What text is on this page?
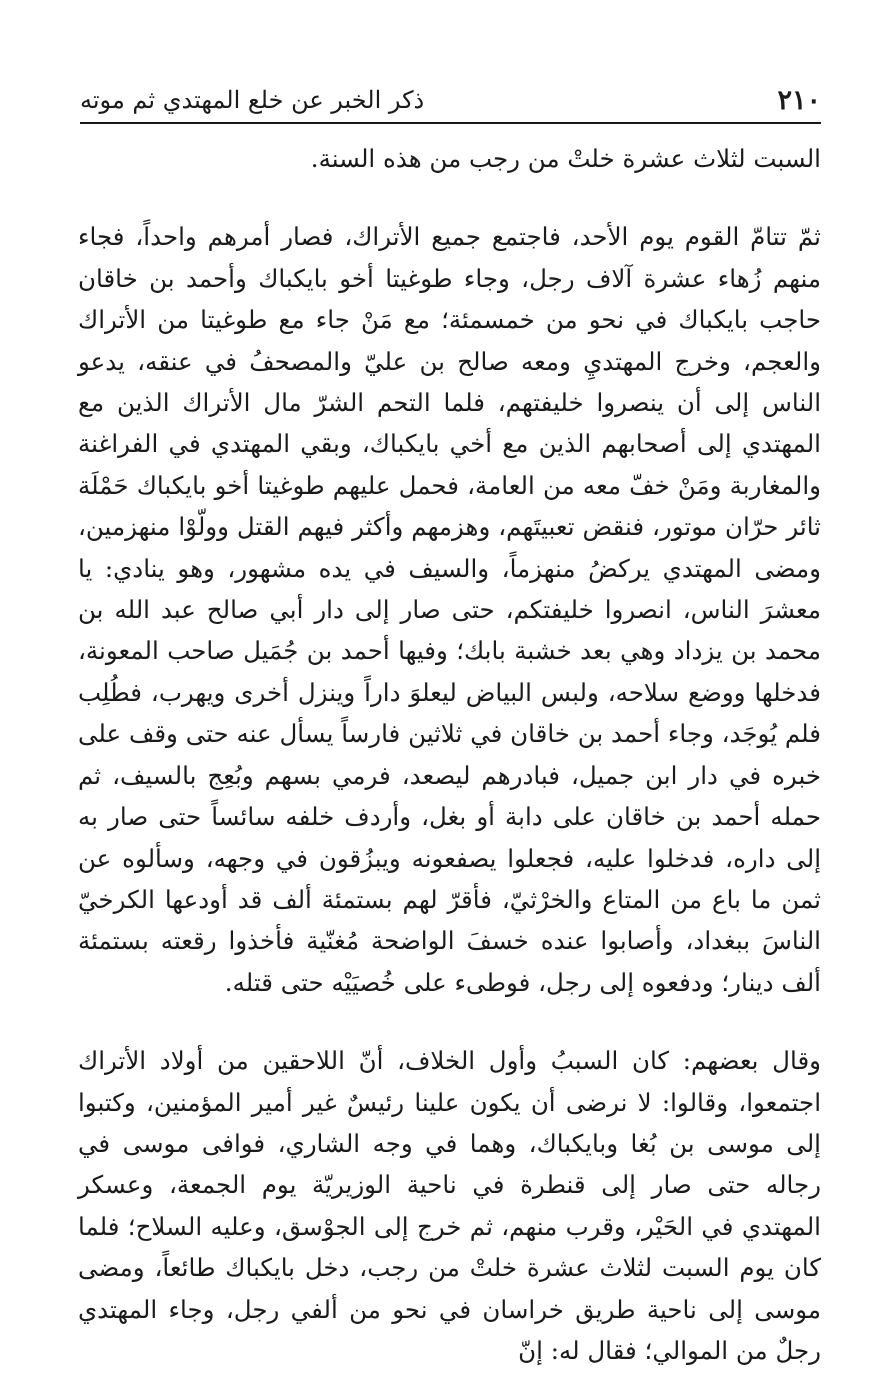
٢١٠
ذكر الخبر عن خلع المهتدي ثم موته

السبت لثلاث عشرة خلتْ من رجب من هذه السنة.

ثمّ تتامّ القوم يوم الأحد، فاجتمع جميع الأتراك، فصار أمرهم واحداً، فجاء منهم زُهاء عشرة آلاف رجل، وجاء طوغيتا أخو بايكباك وأحمد بن خاقان حاجب بايكباك في نحو من خمسمئة؛ مع مَنْ جاء مع طوغيتا من الأتراك والعجم، وخرج المهتديِ ومعه صالح بن عليّ والمصحفُ في عنقه، يدعو الناس إلى أن ينصروا خليفتهم، فلما التحم الشرّ مال الأتراك الذين مع المهتدي إلى أصحابهم الذين مع أخي بايكباك، وبقي المهتدي في الفراغنة والمغاربة ومَنْ خفّ معه من العامة، فحمل عليهم طوغيتا أخو بايكباك حَمْلَة ثائر حرّان موتور، فنقض تعبيتَهم، وهزمهم وأكثر فيهم القتل وولّوْا منهزمين، ومضى المهتدي يركضُ منهزماً، والسيف في يده مشهور، وهو ينادي: يا معشرَ الناس، انصروا خليفتكم، حتى صار إلى دار أبي صالح عبد الله بن محمد بن يزداد وهي بعد خشبة بابك؛ وفيها أحمد بن جُمَيل صاحب المعونة، فدخلها ووضع سلاحه، ولبس البياض ليعلوَ داراً وينزل أخرى ويهرب، فطُلِب فلم يُوجَد، وجاء أحمد بن خاقان في ثلاثين فارساً يسأل عنه حتى وقف على خبره في دار ابن جميل، فبادرهم ليصعد، فرمي بسهم وبُعِج بالسيف، ثم حمله أحمد بن خاقان على دابة أو بغل، وأردف خلفه سائساً حتى صار به إلى داره، فدخلوا عليه، فجعلوا يصفعونه ويبزُقون في وجهه، وسألوه عن ثمن ما باع من المتاع والخرْثيّ، فأقرّ لهم بستمئة ألف قد أودعها الكرخيّ الناسَ ببغداد، وأصابوا عنده خسفَ الواضحة مُغنّية فأخذوا رقعته بستمئة ألف دينار؛ ودفعوه إلى رجل، فوطىء على خُصيَيْه حتى قتله.

وقال بعضهم: كان السببُ وأول الخلاف، أنّ اللاحقين من أولاد الأتراك اجتمعوا، وقالوا: لا نرضى أن يكون علينا رئيسٌ غير أمير المؤمنين، وكتبوا إلى موسى بن بُغا وبايكباك، وهما في وجه الشاري، فوافى موسى في رجاله حتى صار إلى قنطرة في ناحية الوزيريّة يوم الجمعة، وعسكر المهتدي في الحَيْر، وقرب منهم، ثم خرج إلى الجوْسق، وعليه السلاح؛ فلما كان يوم السبت لثلاث عشرة خلتْ من رجب، دخل بايكباك طائعاً، ومضى موسى إلى ناحية طريق خراسان في نحو من ألفي رجل، وجاء المهتدي رجلٌ من الموالي؛ فقال له: إنّ
